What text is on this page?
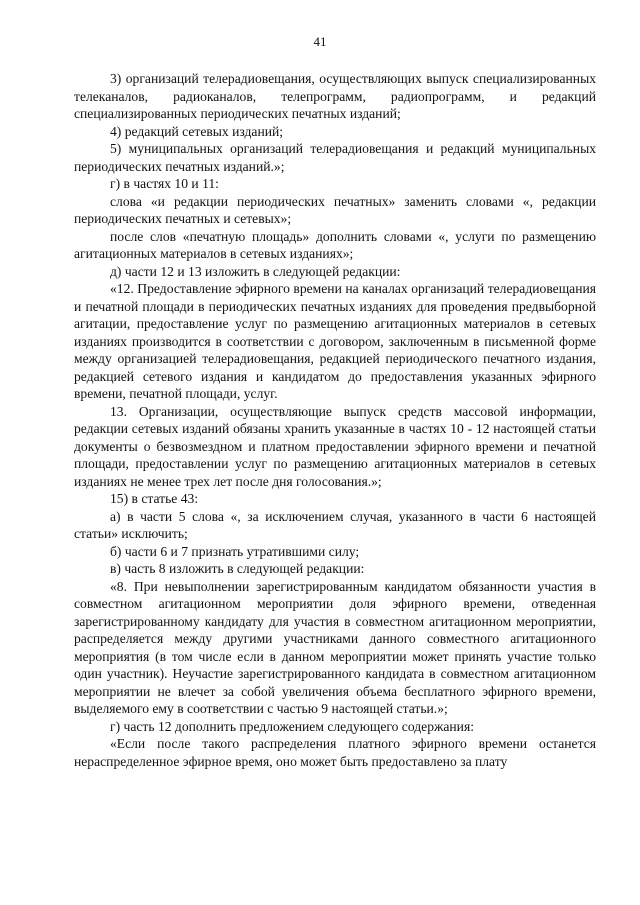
41

3) организаций телерадиовещания, осуществляющих выпуск специализированных телеканалов, радиоканалов, телепрограмм, радиопрограмм, и редакций специализированных периодических печатных изданий;

4) редакций сетевых изданий;

5) муниципальных организаций телерадиовещания и редакций муниципальных периодических печатных изданий.»;

г) в частях 10 и 11:

слова «и редакции периодических печатных» заменить словами «, редакции периодических печатных и сетевых»;

после слов «печатную площадь» дополнить словами «, услуги по размещению агитационных материалов в сетевых изданиях»;

д) части 12 и 13 изложить в следующей редакции:

«12. Предоставление эфирного времени на каналах организаций телерадиовещания и печатной площади в периодических печатных изданиях для проведения предвыборной агитации, предоставление услуг по размещению агитационных материалов в сетевых изданиях производится в соответствии с договором, заключенным в письменной форме между организацией телерадиовещания, редакцией периодического печатного издания, редакцией сетевого издания и кандидатом до предоставления указанных эфирного времени, печатной площади, услуг.

13. Организации, осуществляющие выпуск средств массовой информации, редакции сетевых изданий обязаны хранить указанные в частях 10 - 12 настоящей статьи документы о безвозмездном и платном предоставлении эфирного времени и печатной площади, предоставлении услуг по размещению агитационных материалов в сетевых изданиях не менее трех лет после дня голосования.»;

15) в статье 43:

а) в части 5 слова «, за исключением случая, указанного в части 6 настоящей статьи» исключить;

б) части 6 и 7 признать утратившими силу;

в) часть 8 изложить в следующей редакции:

«8. При невыполнении зарегистрированным кандидатом обязанности участия в совместном агитационном мероприятии доля эфирного времени, отведенная зарегистрированному кандидату для участия в совместном агитационном мероприятии, распределяется между другими участниками данного совместного агитационного мероприятия (в том числе если в данном мероприятии может принять участие только один участник). Неучастие зарегистрированного кандидата в совместном агитационном мероприятии не влечет за собой увеличения объема бесплатного эфирного времени, выделяемого ему в соответствии с частью 9 настоящей статьи.»;

г) часть 12 дополнить предложением следующего содержания:

«Если после такого распределения платного эфирного времени останется нераспределенное эфирное время, оно может быть предоставлено за плату
